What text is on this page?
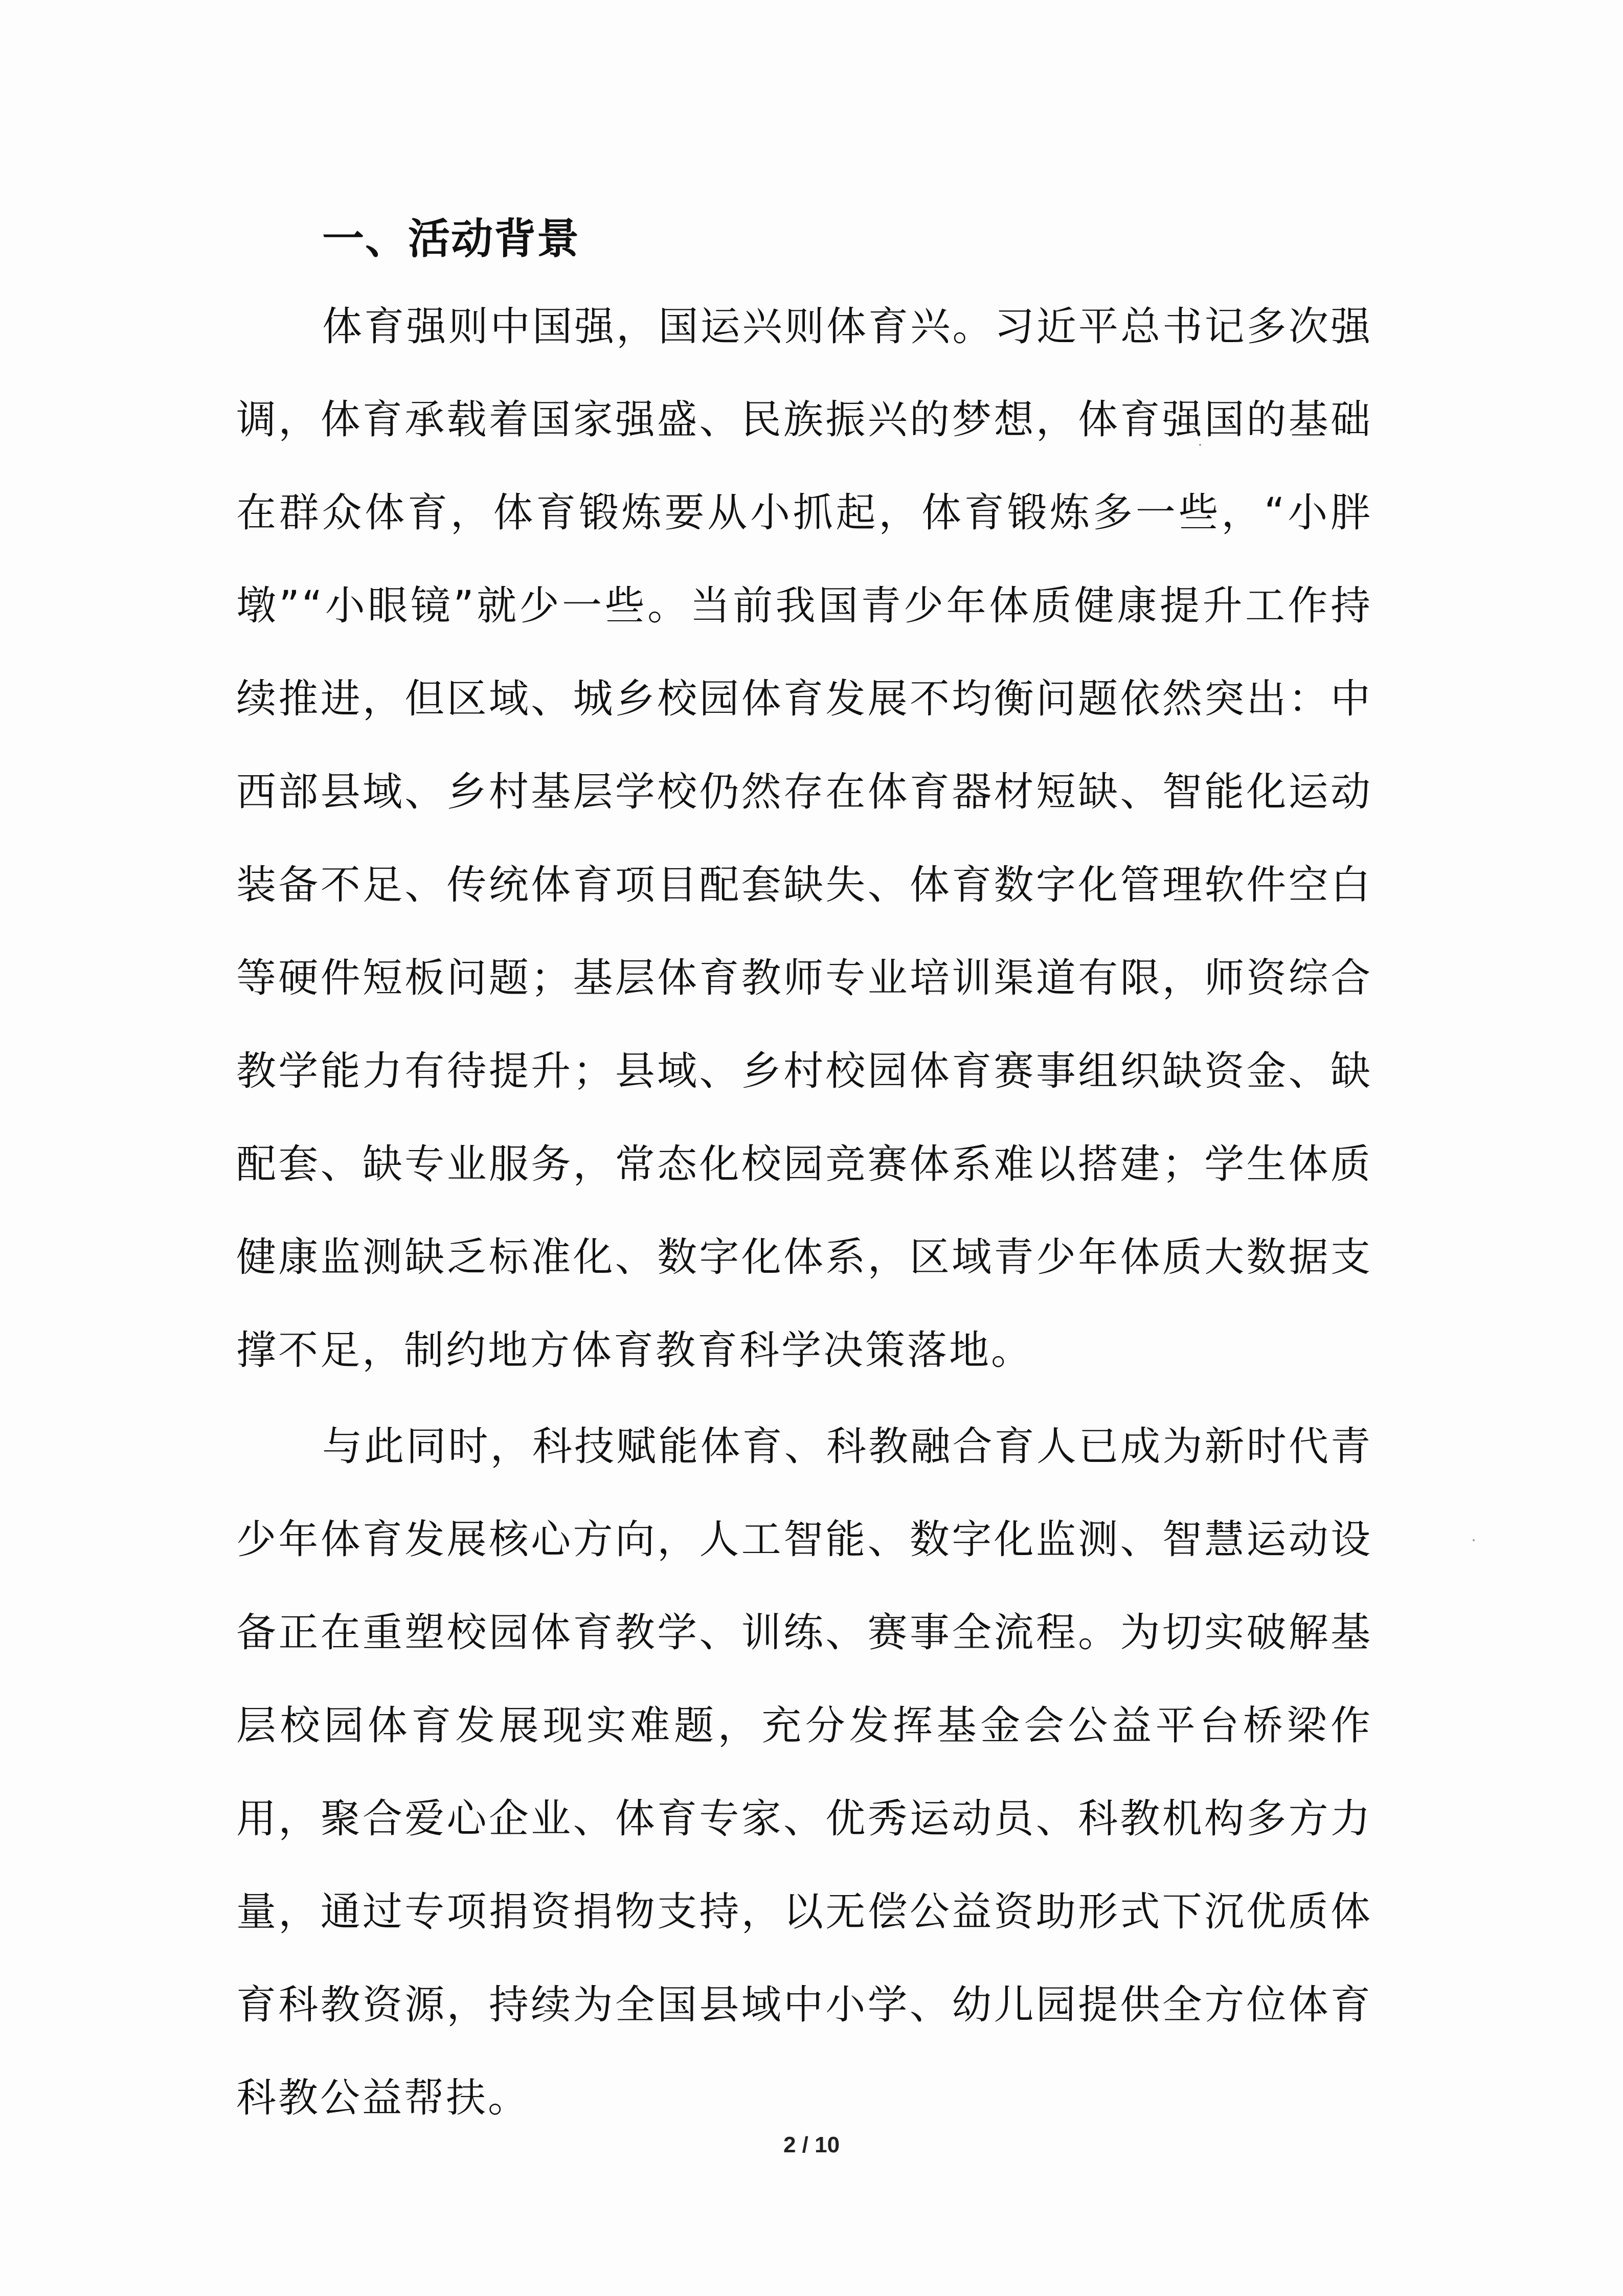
一、活动背景

体育强则中国强，国运兴则体育兴。习近平总书记多次强调，体育承载着国家强盛、民族振兴的梦想，体育强国的基础在群众体育，体育锻炼要从小抓起，体育锻炼多一些，“小胖墩”“小眼镜”就少一些。当前我国青少年体质健康提升工作持续推进，但区域、城乡校园体育发展不均衡问题依然突出：中西部县域、乡村基层学校仍然存在体育器材短缺、智能化运动装备不足、传统体育项目配套缺失、体育数字化管理软件空白等硬件短板问题；基层体育教师专业培训渠道有限，师资综合教学能力有待提升；县域、乡村校园体育赛事组织缺资金、缺配套、缺专业服务，常态化校园竞赛体系难以搭建；学生体质健康监测缺乏标准化、数字化体系，区域青少年体质大数据支撑不足，制约地方体育教育科学决策落地。

与此同时，科技赋能体育、科教融合育人已成为新时代青少年体育发展核心方向，人工智能、数字化监测、智慧运动设备正在重塑校园体育教学、训练、赛事全流程。为切实破解基层校园体育发展现实难题，充分发挥基金会公益平台桥梁作用，聚合爱心企业、体育专家、优秀运动员、科教机构多方力量，通过专项捐资捐物支持，以无偿公益资助形式下沉优质体育科教资源，持续为全国县域中小学、幼儿园提供全方位体育科教公益帮扶。

2 / 10
